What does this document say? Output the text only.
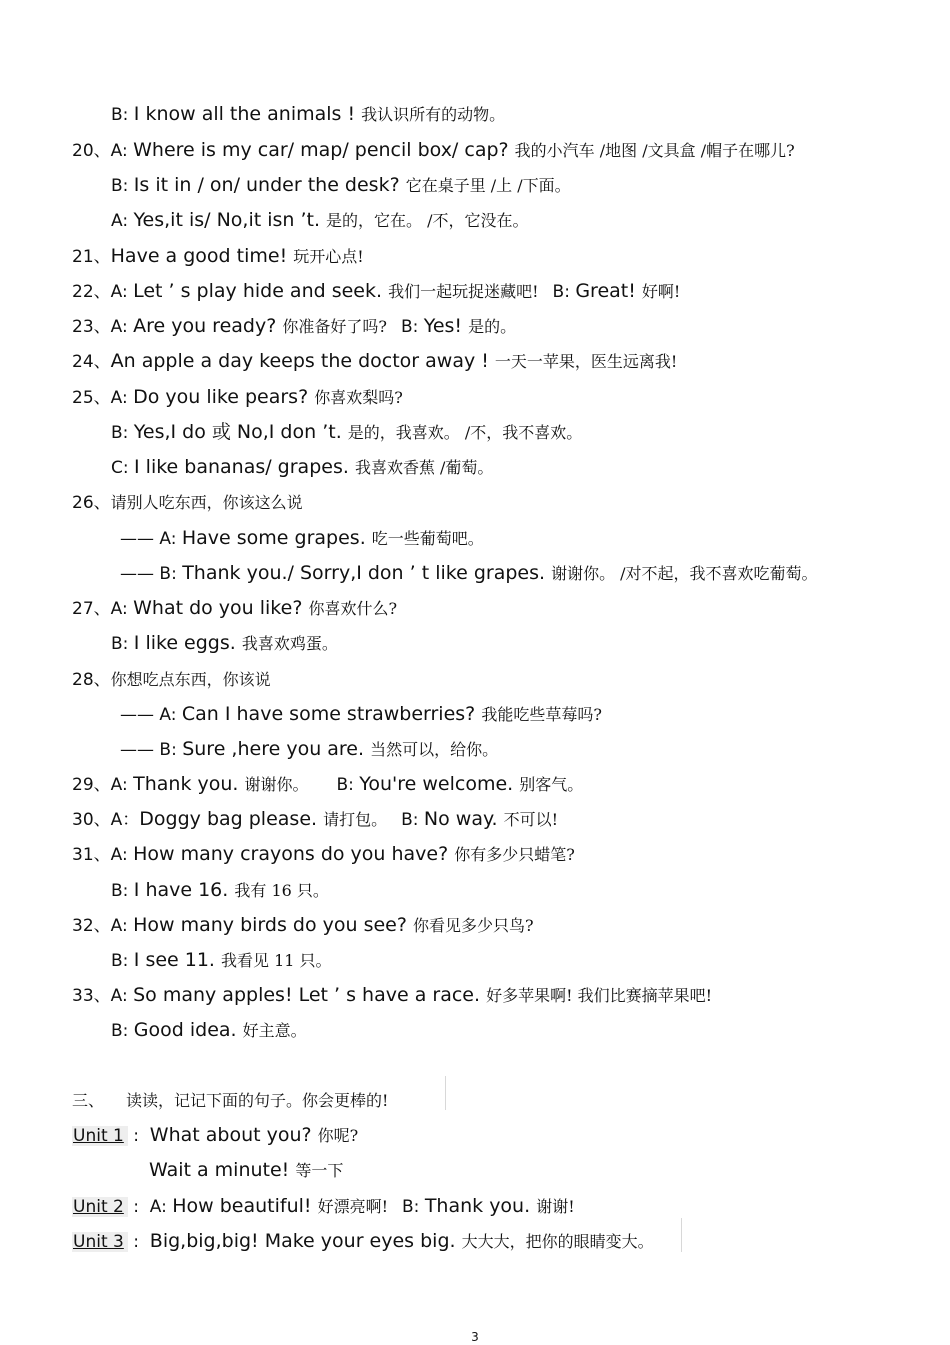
B: I know all the animals ! 我认识所有的动物。
20、A: Where is my car/ map/ pencil box/ cap? 我的小汽车 /地图 /文具盒 /帽子在哪儿?
B: Is it in / on/ under the desk? 它在桌子里 /上 /下面。
A: Yes,it is/ No,it isn ’t. 是的，它在。 /不，它没在。
21、Have a good time! 玩开心点!
22、A: Let ’ s play hide and seek. 我们一起玩捉迷藏吧! B: Great! 好啊!
23、A: Are you ready? 你准备好了吗? B: Yes! 是的。
24、An apple a day keeps the doctor away ! 一天一苹果，医生远离我!
25、A: Do you like pears? 你喜欢梨吗?
B: Yes,I do 或 No,I don ’t. 是的，我喜欢。 /不，我不喜欢。
C: I like bananas/ grapes. 我喜欢香蕉 /葡萄。
26、请别人吃东西，你该这么说
—— A: Have some grapes. 吃一些葡萄吧。
—— B: Thank you./ Sorry,I don ’ t like grapes. 谢谢你。 /对不起，我不喜欢吃葡萄。
27、A: What do you like? 你喜欢什么?
B: I like eggs. 我喜欢鸡蛋。
28、你想吃点东西，你该说
—— A: Can I have some strawberries? 我能吃些草莓吗?
—— B: Sure ,here you are. 当然可以，给你。
29、A: Thank you. 谢谢你。 B: You're welcome. 别客气。
30、A：Doggy bag please. 请打包。 B: No way. 不可以!
31、A: How many crayons do you have? 你有多少只蜡笔?
B: I have 16. 我有 16 只。
32、A: How many birds do you see? 你看见多少只鸟?
B: I see 11. 我看见 11 只。
33、A: So many apples! Let ’ s have a race. 好多苹果啊! 我们比赛摘苹果吧!
B: Good idea. 好主意。
三、 读读，记记下面的句子。你会更棒的!
Unit 1 :  What about you? 你呢?
Wait a minute! 等一下
Unit 2 :  A: How beautiful! 好漂亮啊! B: Thank you. 谢谢!
Unit 3 :  Big,big,big! Make your eyes big. 大大大，把你的眼睛变大。
3
